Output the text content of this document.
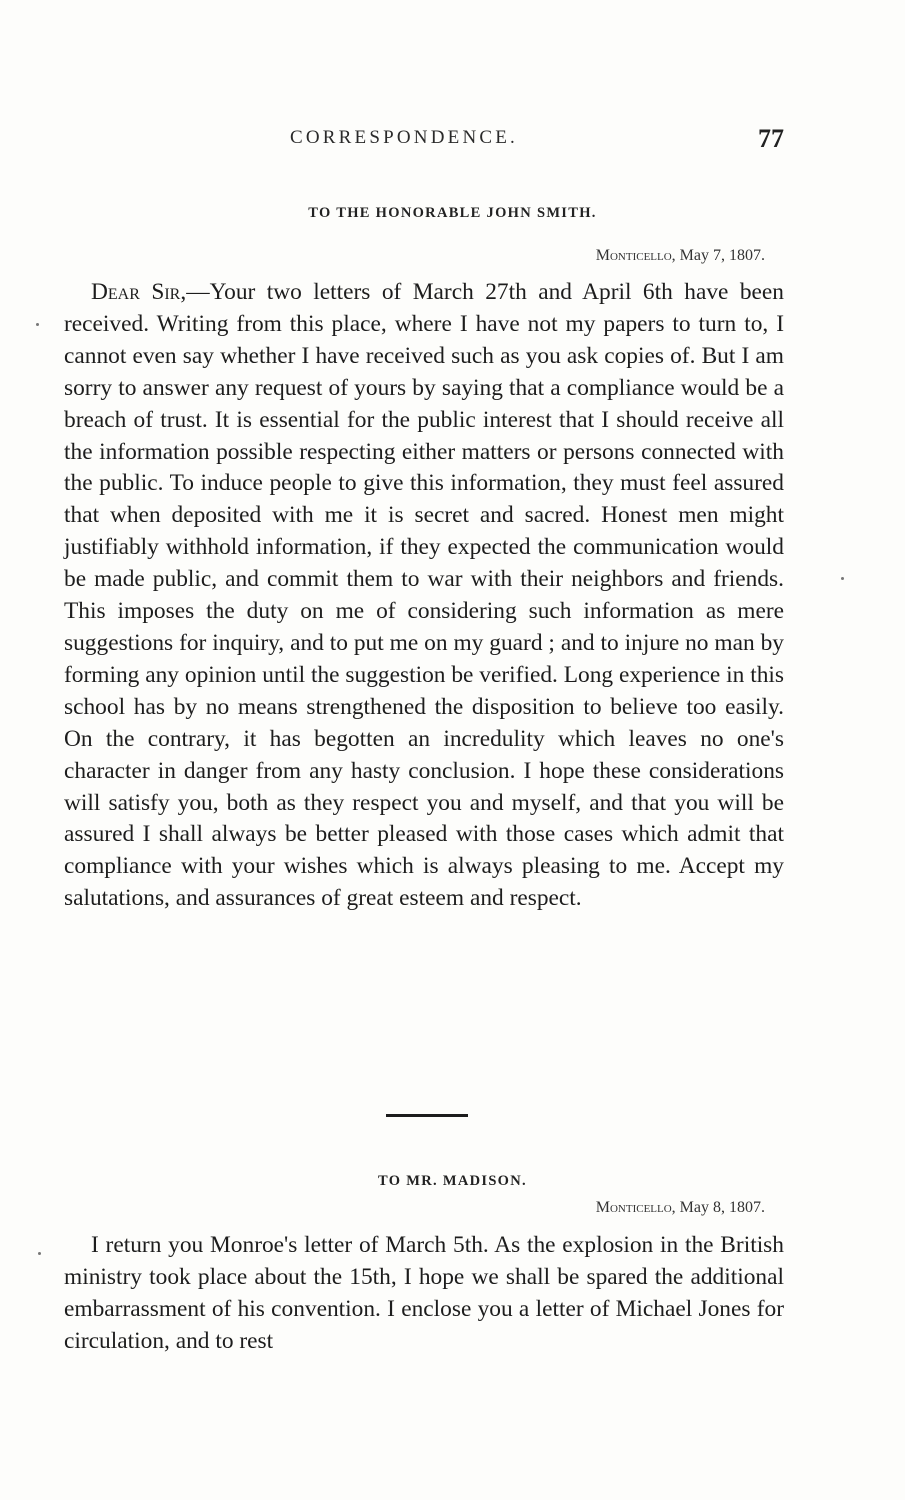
CORRESPONDENCE.	77
TO THE HONORABLE JOHN SMITH.
Monticello, May 7, 1807.

Dear Sir,—Your two letters of March 27th and April 6th have been received. Writing from this place, where I have not my papers to turn to, I cannot even say whether I have received such as you ask copies of. But I am sorry to answer any request of yours by saying that a compliance would be a breach of trust. It is essential for the public interest that I should receive all the information possible respecting either matters or persons connected with the public. To induce people to give this information, they must feel assured that when deposited with me it is secret and sacred. Honest men might justifiably withhold information, if they expected the communication would be made public, and commit them to war with their neighbors and friends. This imposes the duty on me of considering such information as mere suggestions for inquiry, and to put me on my guard ; and to injure no man by forming any opinion until the suggestion be verified. Long experience in this school has by no means strengthened the disposition to believe too easily. On the contrary, it has begotten an incredulity which leaves no one's character in danger from any hasty conclusion. I hope these considerations will satisfy you, both as they respect you and myself, and that you will be assured I shall always be better pleased with those cases which admit that compliance with your wishes which is always pleasing to me. Accept my salutations, and assurances of great esteem and respect.

TO MR. MADISON.
Monticello, May 8, 1807.

I return you Monroe's letter of March 5th. As the explosion in the British ministry took place about the 15th, I hope we shall be spared the additional embarrassment of his convention. I enclose you a letter of Michael Jones for circulation, and to rest
